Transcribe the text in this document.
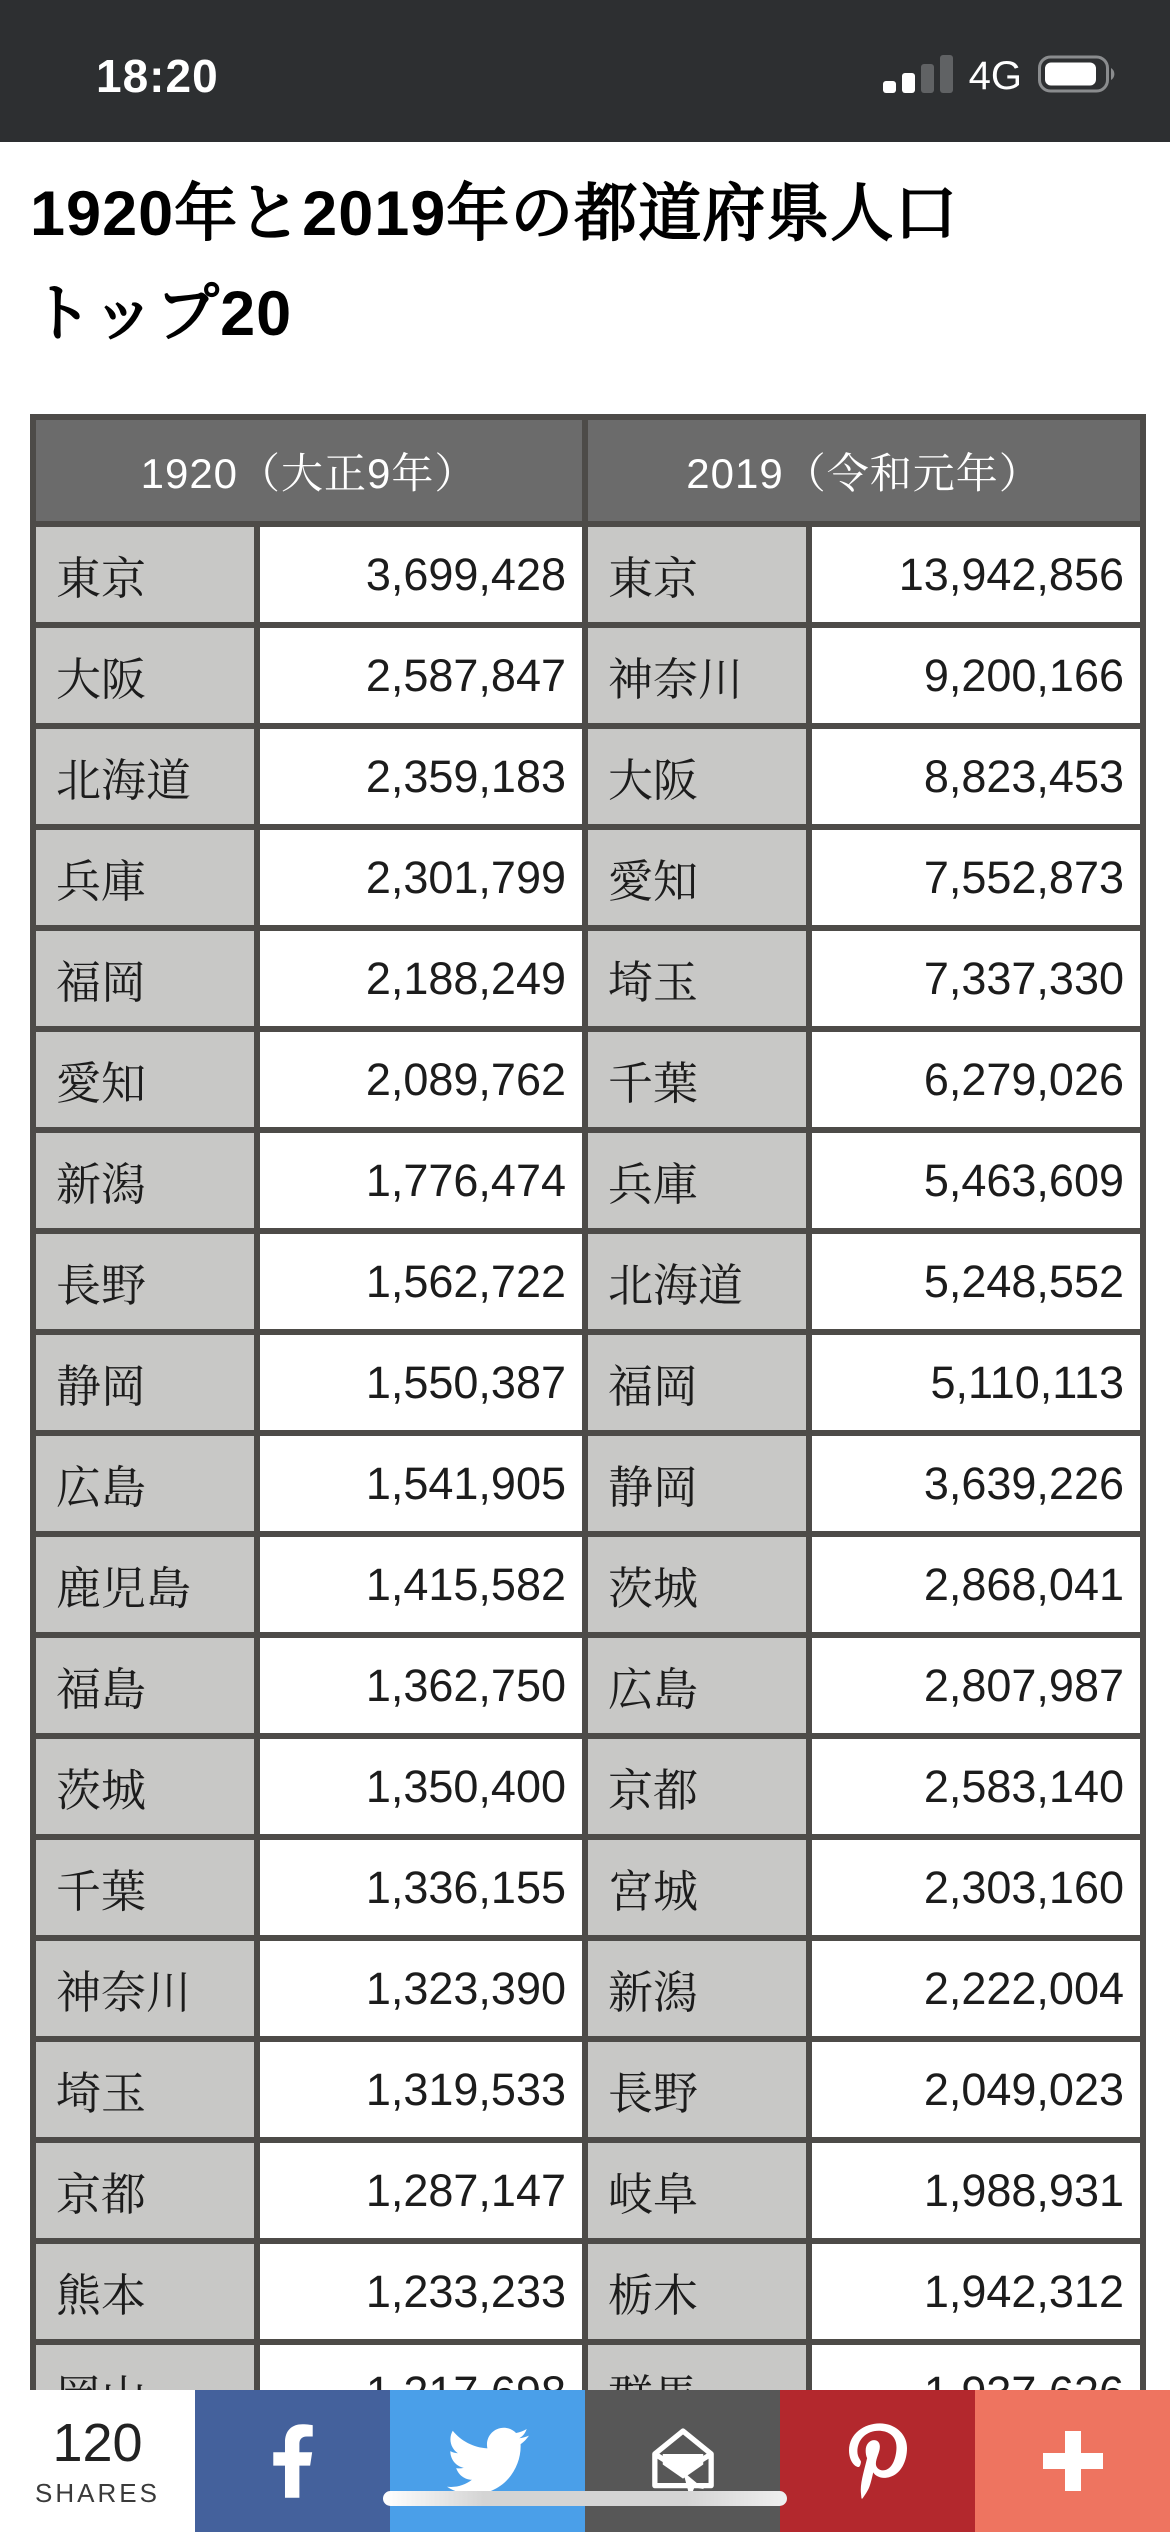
18:20	4G
1920年と2019年の都道府県人口
トップ20
1920（大正9年）		2019（令和元年）	
東京	3,699,428	東京	13,942,856
大阪	2,587,847	神奈川	9,200,166
北海道	2,359,183	大阪	8,823,453
兵庫	2,301,799	愛知	7,552,873
福岡	2,188,249	埼玉	7,337,330
愛知	2,089,762	千葉	6,279,026
新潟	1,776,474	兵庫	5,463,609
長野	1,562,722	北海道	5,248,552
静岡	1,550,387	福岡	5,110,113
広島	1,541,905	静岡	3,639,226
鹿児島	1,415,582	茨城	2,868,041
福島	1,362,750	広島	2,807,987
茨城	1,350,400	京都	2,583,140
千葉	1,336,155	宮城	2,303,160
神奈川	1,323,390	新潟	2,222,004
埼玉	1,319,533	長野	2,049,023
京都	1,287,147	岐阜	1,988,931
熊本	1,233,233	栃木	1,942,312

120
SHARES
